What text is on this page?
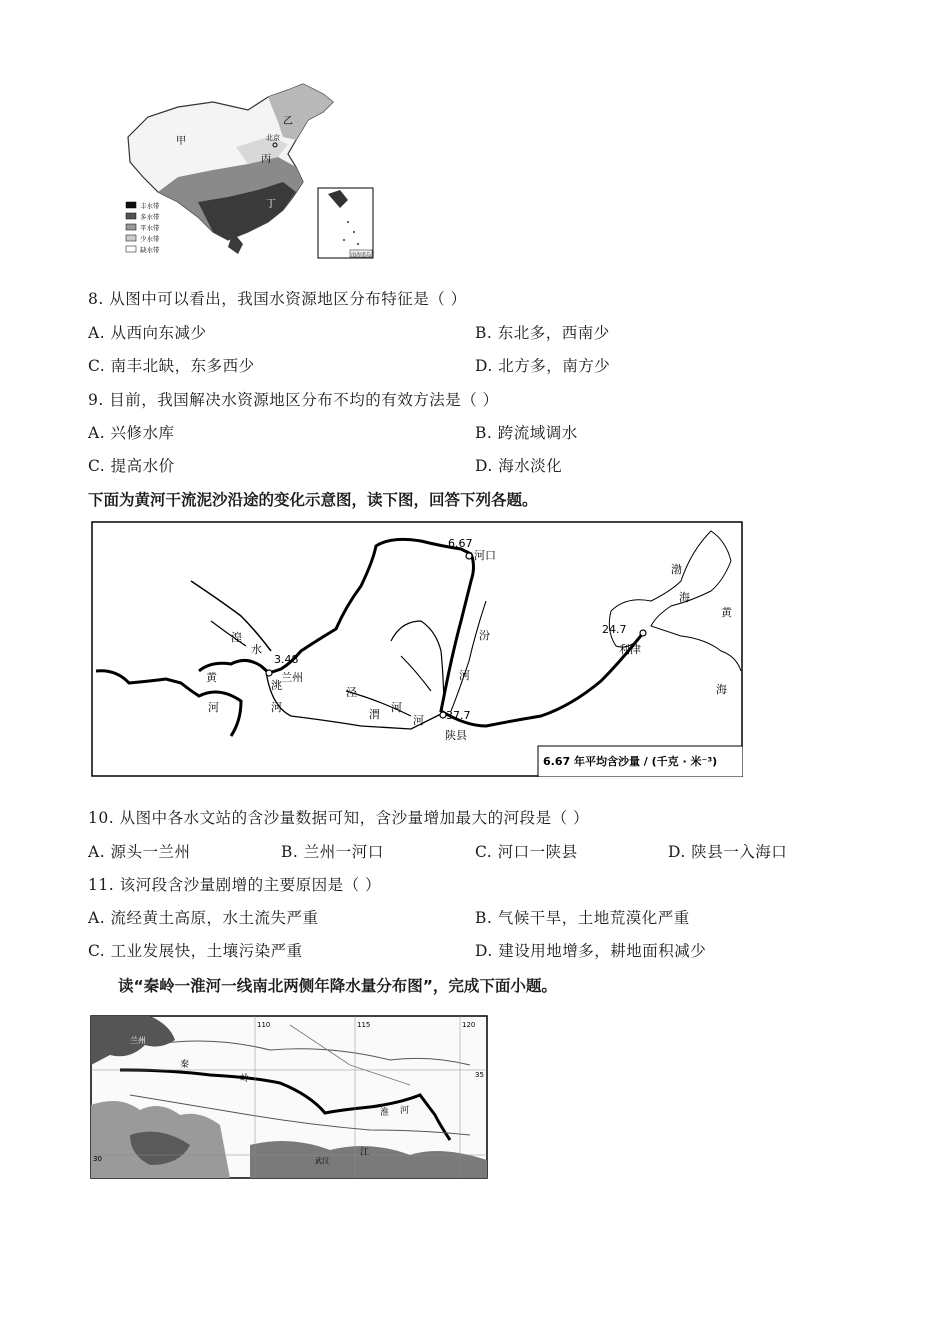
甲
乙
丙
丁
北京
丰水带
多水带
平水带
少水带
缺水带
南海诸岛
8. 从图中可以看出，我国水资源地区分布特征是（ ）
A. 从西向东减少	B. 东北多，西南少
C. 南丰北缺，东多西少	D. 北方多，南方少
9. 目前，我国解决水资源地区分布不均的有效方法是（ ）
A. 兴修水库	B. 跨流域调水
C. 提高水价	D. 海水淡化
下面为黄河干流泥沙沿途的变化示意图，读下图，回答下列各题。
6.67
河口
3.48
兰州
37.7
陕县
24.7
利津
黄
河
湟
水
洮
河
泾
渭
河
河
汾
河
渤
海
黄
海
6.67 年平均含沙量 / (千克 · 米⁻³)
10. 从图中各水文站的含沙量数据可知，含沙量增加最大的河段是（ ）
A. 源头一兰州	B. 兰州一河口	C. 河口一陕县	D. 陕县一入海口
11. 该河段含沙量剧增的主要原因是（ ）
A. 流经黄土高原，水土流失严重	B. 气候干旱，土地荒漠化严重
C. 工业发展快，土壤污染严重	D. 建设用地增多，耕地面积减少
读“秦岭一淮河一线南北两侧年降水量分布图”，完成下面小题。
110	115	120
35
30
兰州
秦
岭
淮 河
江
武汉
